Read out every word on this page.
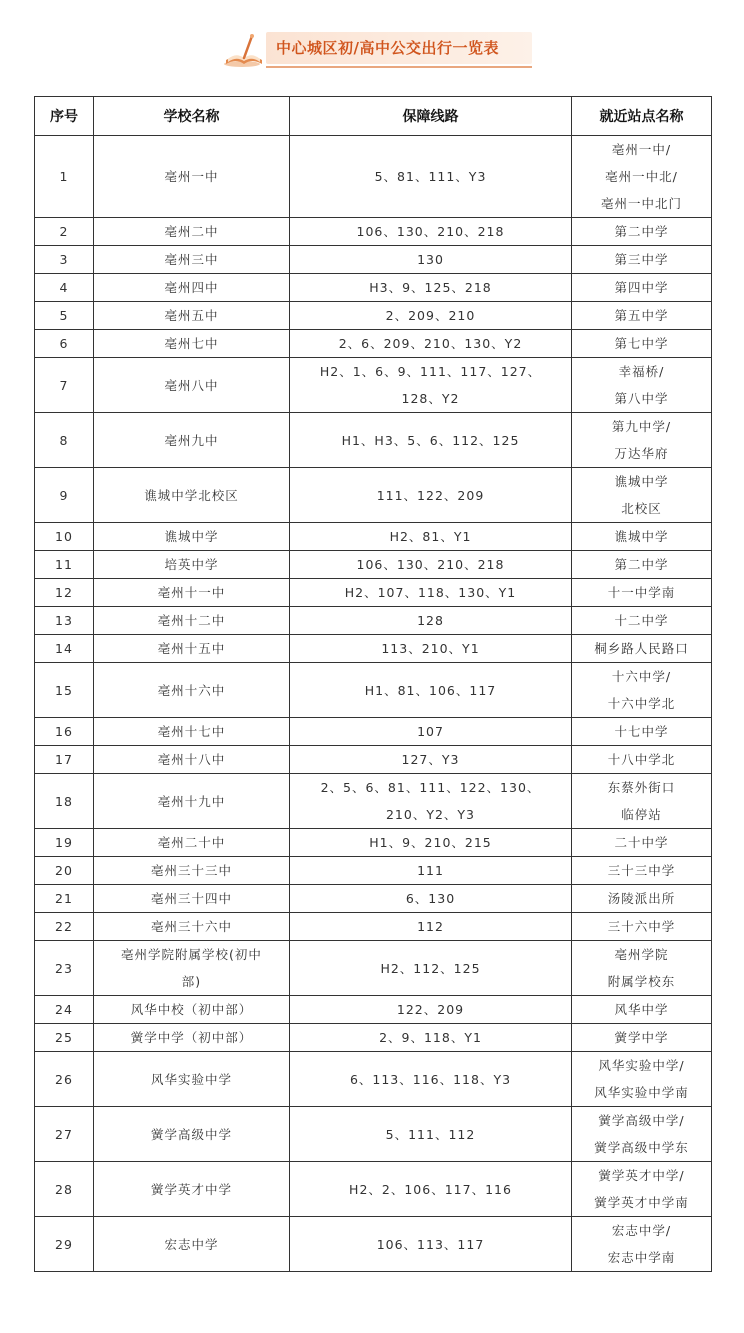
中心城区初/高中公交出行一览表
序号	学校名称	保障线路	就近站点名称
1	亳州一中	5、81、111、Y3	亳州一中/
亳州一中北/
亳州一中北门

2	亳州二中	106、130、210、218	第二中学

3	亳州三中	130	第三中学

4	亳州四中	H3、9、125、218	第四中学

5	亳州五中	2、209、210	第五中学

6	亳州七中	2、6、209、210、130、Y2	第七中学

7	亳州八中	H2、1、6、9、111、117、127、
128、Y2	幸福桥/
第八中学

8	亳州九中	H1、H3、5、6、112、125	第九中学/
万达华府

9	谯城中学北校区	111、122、209	谯城中学
北校区

10	谯城中学	H2、81、Y1	谯城中学

11	培英中学	106、130、210、218	第二中学

12	亳州十一中	H2、107、118、130、Y1	十一中学南

13	亳州十二中	128	十二中学

14	亳州十五中	113、210、Y1	桐乡路人民路口

15	亳州十六中	H1、81、106、117	十六中学/
十六中学北

16	亳州十七中	107	十七中学

17	亳州十八中	127、Y3	十八中学北

18	亳州十九中	2、5、6、81、111、122、130、
210、Y2、Y3	东蔡外街口
临停站

19	亳州二十中	H1、9、210、215	二十中学

20	亳州三十三中	111	三十三中学

21	亳州三十四中	6、130	汤陵派出所

22	亳州三十六中	112	三十六中学

23	亳州学院附属学校(初中
部)	H2、112、125	亳州学院
附属学校东

24	风华中校（初中部）	122、209	风华中学

25	黉学中学（初中部）	2、9、118、Y1	黉学中学

26	风华实验中学	6、113、116、118、Y3	风华实验中学/
风华实验中学南

27	黉学高级中学	5、111、112	黉学高级中学/
黉学高级中学东

28	黉学英才中学	H2、2、106、117、116	黉学英才中学/
黉学英才中学南

29	宏志中学	106、113、117	宏志中学/
宏志中学南
